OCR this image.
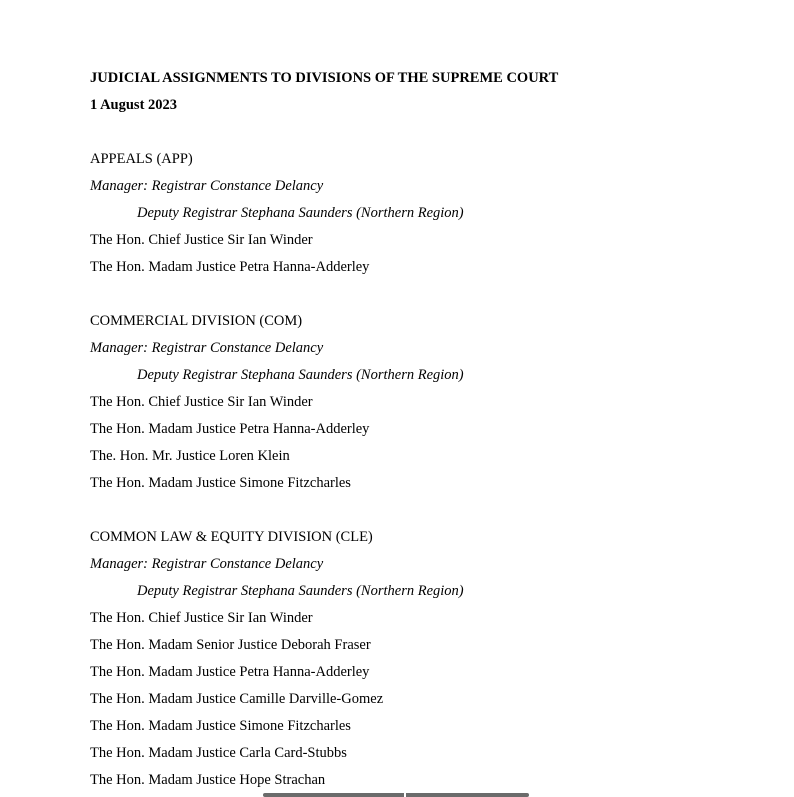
JUDICIAL ASSIGNMENTS TO DIVISIONS OF THE SUPREME COURT
1 August 2023
APPEALS (APP)
Manager: Registrar Constance Delancy
Deputy Registrar Stephana Saunders (Northern Region)
The Hon. Chief Justice Sir Ian Winder
The Hon. Madam Justice Petra Hanna-Adderley
COMMERCIAL DIVISION (COM)
Manager: Registrar Constance Delancy
Deputy Registrar Stephana Saunders (Northern Region)
The Hon. Chief Justice Sir Ian Winder
The Hon. Madam Justice Petra Hanna-Adderley
The. Hon. Mr. Justice Loren Klein
The Hon. Madam Justice Simone Fitzcharles
COMMON LAW & EQUITY DIVISION (CLE)
Manager: Registrar Constance Delancy
Deputy Registrar Stephana Saunders (Northern Region)
The Hon. Chief Justice Sir Ian Winder
The Hon. Madam Senior Justice Deborah Fraser
The Hon. Madam Justice Petra Hanna-Adderley
The Hon. Madam Justice Camille Darville-Gomez
The Hon. Madam Justice Simone Fitzcharles
The Hon. Madam Justice Carla Card-Stubbs
The Hon. Madam Justice Hope Strachan
